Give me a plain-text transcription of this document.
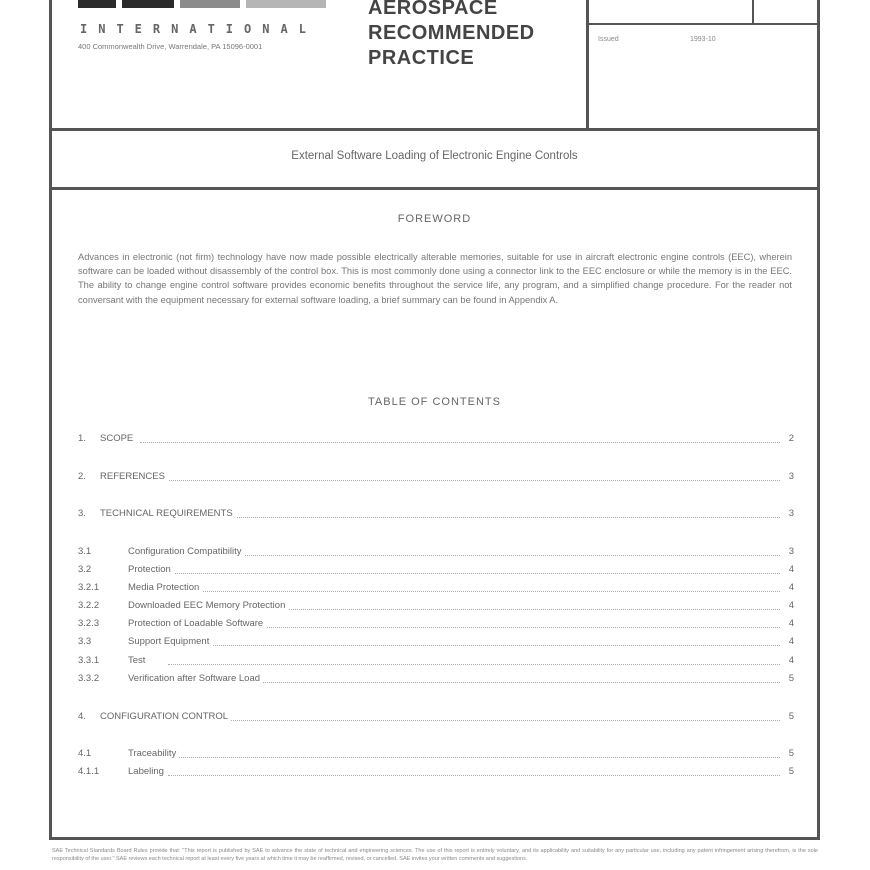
INTERNATIONAL
400 Commonwealth Drive, Warrendale, PA 15096-0001
AEROSPACE
RECOMMENDED
PRACTICE
Issued	1993-10
External Software Loading of Electronic Engine Controls
FOREWORD
Advances in electronic (not firm) technology have now made possible electrically alterable memories, suitable for use in aircraft electronic engine controls (EEC), wherein software can be loaded without disassembly of the control box. This is most commonly done using a connector link to the EEC enclosure or while the memory is in the EEC. The ability to change engine control software provides economic benefits throughout the service life, any program, and a simplified change procedure. For the reader not conversant with the equipment necessary for external software loading, a brief summary can be found in Appendix A.
TABLE OF CONTENTS
1. SCOPE	2
2. REFERENCES	3
3. TECHNICAL REQUIREMENTS	3
3.1	Configuration Compatibility	3
3.2	Protection	4
3.2.1	Media Protection	4
3.2.2	Downloaded EEC Memory Protection	4
3.2.3	Protection of Loadable Software	4
3.3	Support Equipment	4
3.3.1	Test	4
3.3.2	Verification after Software Load	5
4. CONFIGURATION CONTROL	5
4.1	Traceability	5
4.1.1	Labeling	5
SAE Technical Standards Board Rules provide that: "This report is published by SAE to advance the state of technical and engineering sciences. The use of this report is entirely voluntary, and its applicability and suitability for any particular use, including any patent infringement arising therefrom, is the sole responsibility of the user." SAE reviews each technical report at least every five years at which time it may be reaffirmed, revised, or cancelled. SAE invites your written comments and suggestions.
